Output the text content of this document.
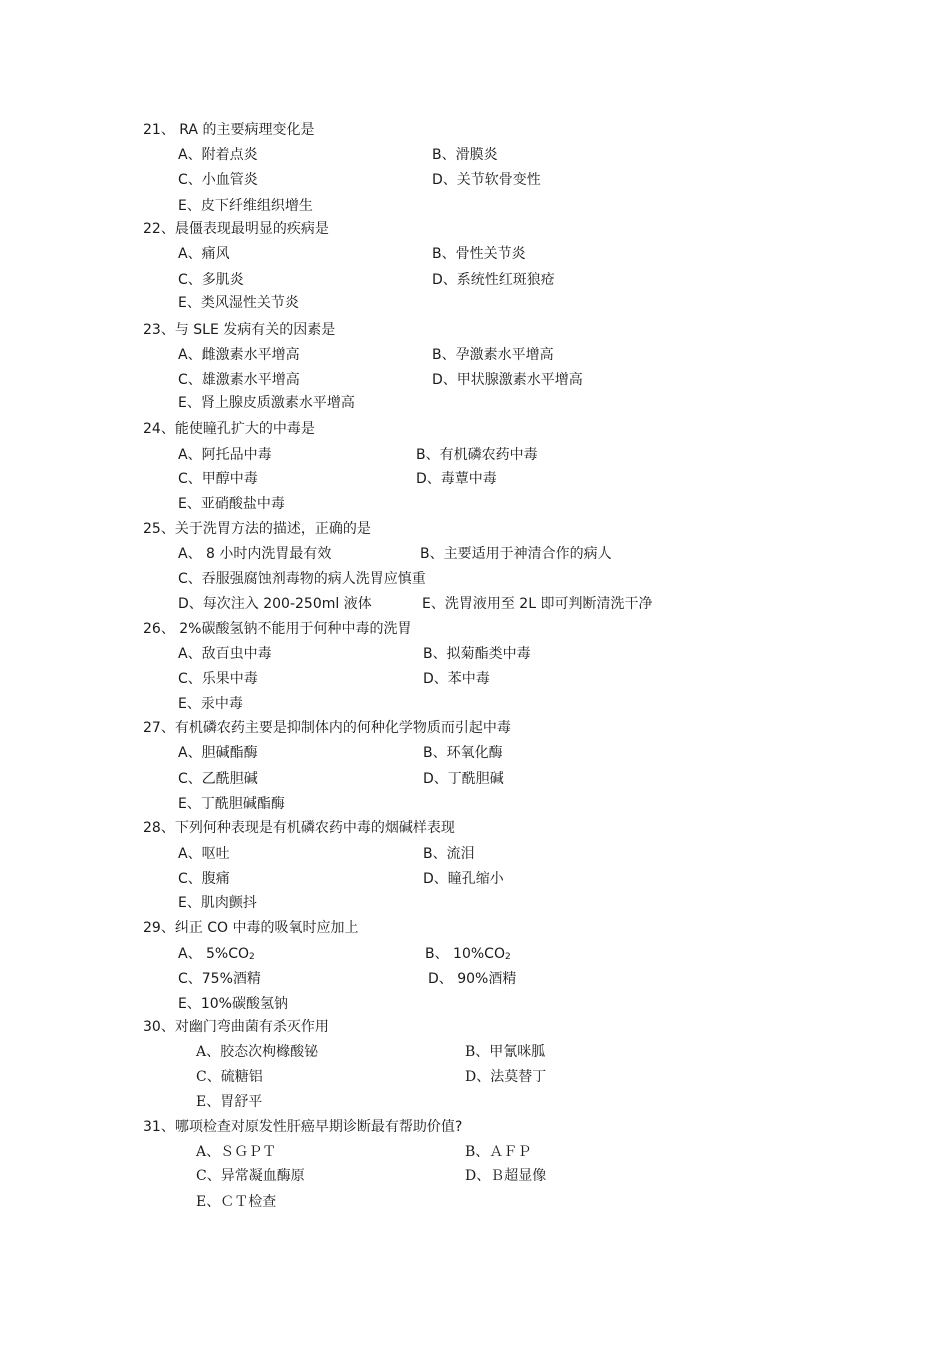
21、 RA 的主要病理变化是
A、附着点炎	B、滑膜炎
C、小血管炎	D、关节软骨变性
E、皮下纤维组织增生
22、晨僵表现最明显的疾病是
A、痛风	B、骨性关节炎
C、多肌炎	D、系统性红斑狼疮
E、类风湿性关节炎
23、与 SLE 发病有关的因素是
A、雌激素水平增高	B、孕激素水平增高
C、雄激素水平增高	D、甲状腺激素水平增高
E、肾上腺皮质激素水平增高
24、能使瞳孔扩大的中毒是
A、阿托品中毒	B、有机磷农药中毒
C、甲醇中毒	D、毒蕈中毒
E、亚硝酸盐中毒
25、关于洗胃方法的描述，正确的是
A、 8 小时内洗胃最有效	B、主要适用于神清合作的病人
C、吞服强腐蚀剂毒物的病人洗胃应慎重
D、每次注入 200-250ml 液体	E、洗胃液用至 2L 即可判断清洗干净
26、 2%碳酸氢钠不能用于何种中毒的洗胃
A、敌百虫中毒	B、拟菊酯类中毒
C、乐果中毒	D、苯中毒
E、汞中毒
27、有机磷农药主要是抑制体内的何种化学物质而引起中毒
A、胆碱酯酶	B、环氧化酶
C、乙酰胆碱	D、丁酰胆碱
E、丁酰胆碱酯酶
28、下列何种表现是有机磷农药中毒的烟碱样表现
A、呕吐	B、流泪
C、腹痛	D、瞳孔缩小
E、肌肉颤抖
29、纠正 CO 中毒的吸氧时应加上
A、 5%CO2	B、 10%CO2
C、75%酒精	D、 90%酒精
E、10%碳酸氢钠
30、对幽门弯曲菌有杀灭作用
A、胶态次枸橼酸铋	B、甲氰咪胍
C、硫糖铝	D、法莫替丁
E、胃舒平
31、哪项检查对原发性肝癌早期诊断最有帮助价值?
A、ＳＧＰＴ	B、ＡＦＰ
C、异常凝血酶原	D、Ｂ超显像
E、ＣＴ检查
